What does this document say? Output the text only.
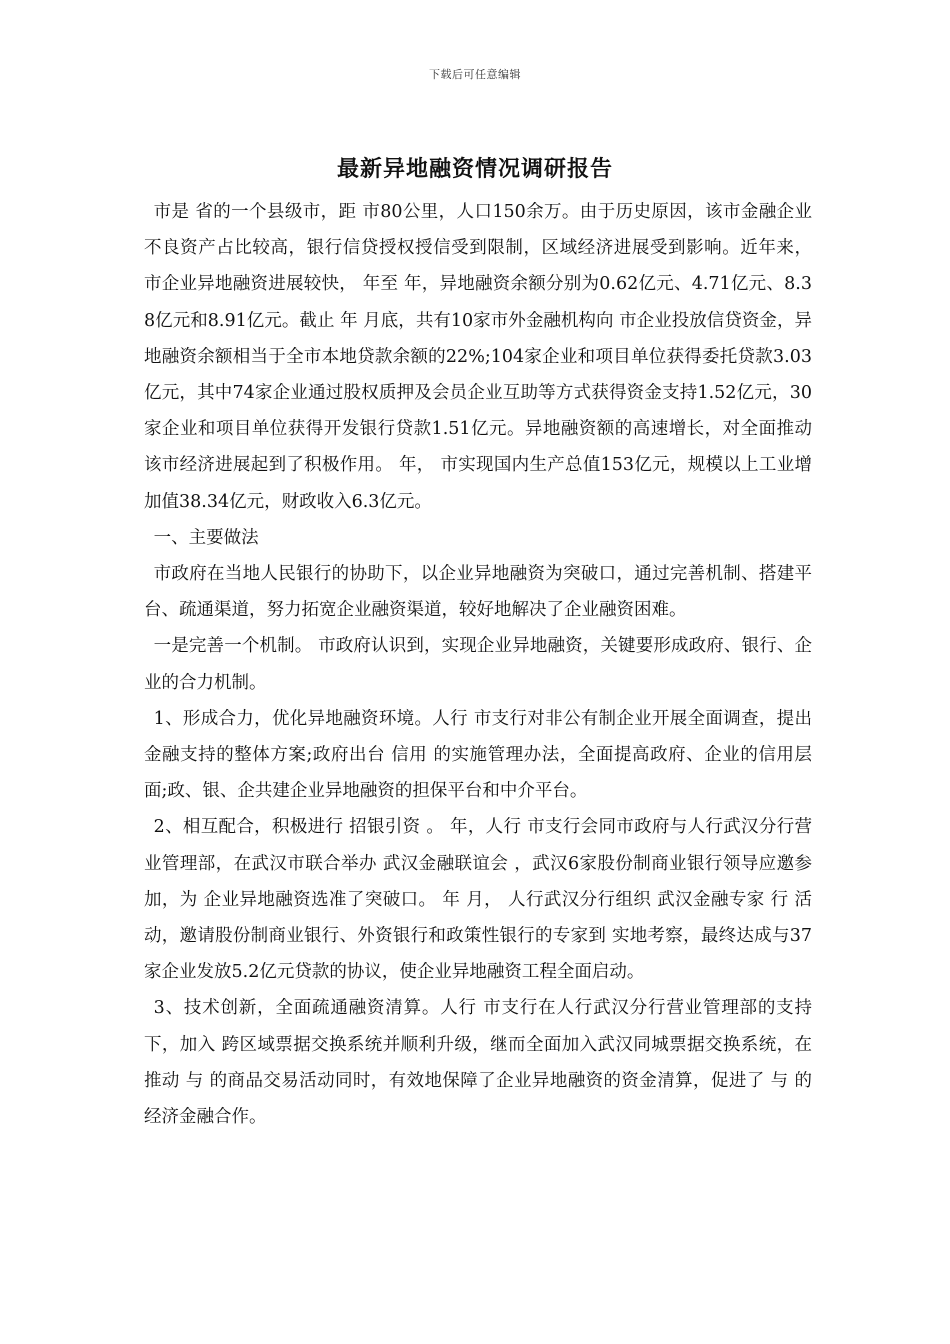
下载后可任意编辑
最新异地融资情况调研报告

市是 省的一个县级市，距 市80公里，人口150余万。由于历史原因，该市金融企业不良资产占比较高，银行信贷授权授信受到限制，区域经济进展受到影响。近年来， 市企业异地融资进展较快， 年至 年，异地融资余额分别为0.62亿元、4.71亿元、8.38亿元和8.91亿元。截止 年 月底，共有10家市外金融机构向 市企业投放信贷资金，异地融资余额相当于全市本地贷款余额的22%;104家企业和项目单位获得委托贷款3.03亿元，其中74家企业通过股权质押及会员企业互助等方式获得资金支持1.52亿元，30家企业和项目单位获得开发银行贷款1.51亿元。异地融资额的高速增长，对全面推动该市经济进展起到了积极作用。 年， 市实现国内生产总值153亿元，规模以上工业增加值38.34亿元，财政收入6.3亿元。

一、主要做法

市政府在当地人民银行的协助下，以企业异地融资为突破口，通过完善机制、搭建平台、疏通渠道，努力拓宽企业融资渠道，较好地解决了企业融资困难。

一是完善一个机制。 市政府认识到，实现企业异地融资，关键要形成政府、银行、企业的合力机制。

1、形成合力，优化异地融资环境。人行 市支行对非公有制企业开展全面调查，提出金融支持的整体方案;政府出台 信用 的实施管理办法，全面提高政府、企业的信用层面;政、银、企共建企业异地融资的担保平台和中介平台。

2、相互配合，积极进行 招银引资 。 年，人行 市支行会同市政府与人行武汉分行营业管理部，在武汉市联合举办 武汉金融联谊会 ，武汉6家股份制商业银行领导应邀参加，为 企业异地融资选准了突破口。 年 月， 人行武汉分行组织 武汉金融专家 行 活动，邀请股份制商业银行、外资银行和政策性银行的专家到 实地考察，最终达成与37家企业发放5.2亿元贷款的协议，使企业异地融资工程全面启动。

3、技术创新，全面疏通融资清算。人行 市支行在人行武汉分行营业管理部的支持下，加入 跨区域票据交换系统并顺利升级，继而全面加入武汉同城票据交换系统，在推动 与 的商品交易活动同时，有效地保障了企业异地融资的资金清算，促进了 与 的经济金融合作。
